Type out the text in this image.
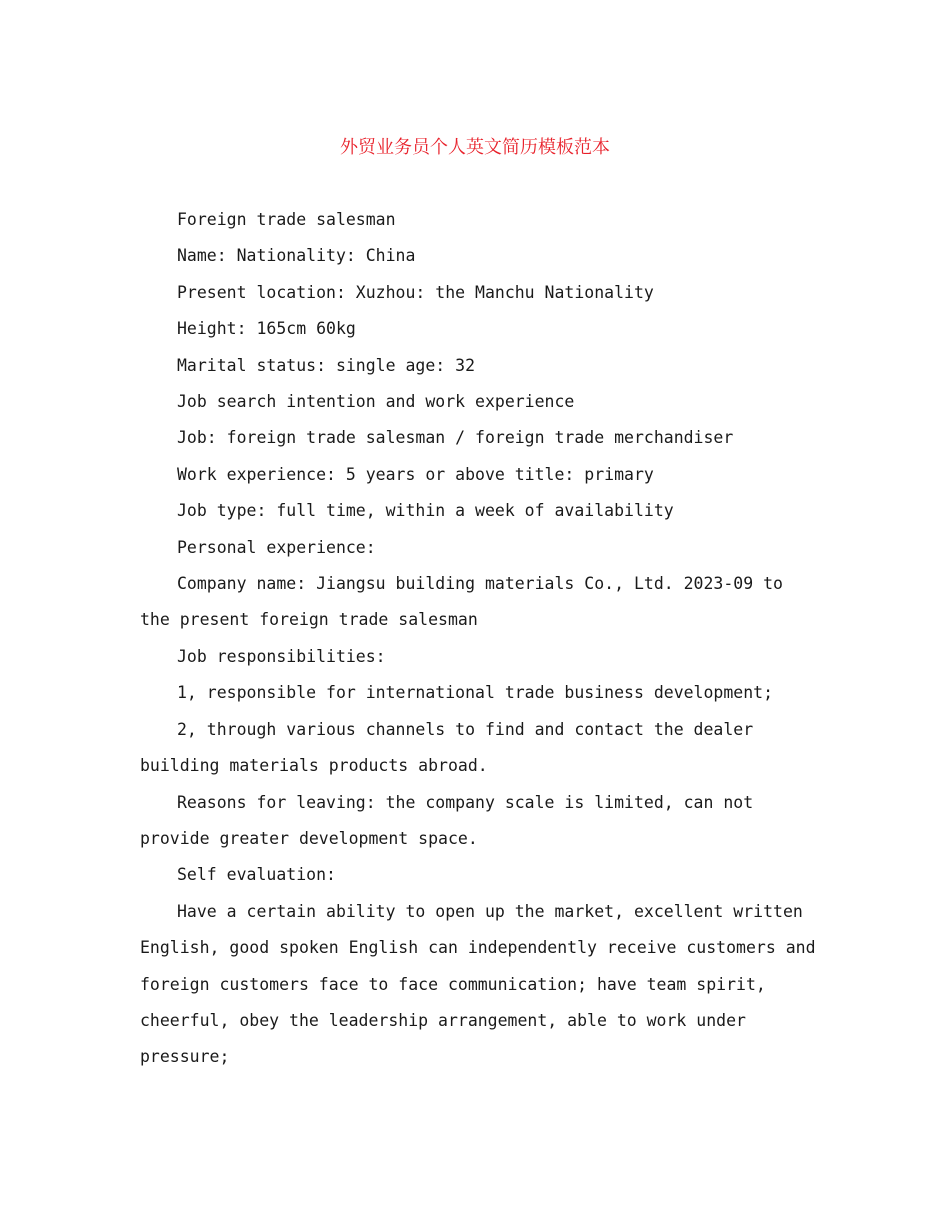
外贸业务员个人英文简历模板范本

Foreign trade salesman

Name: Nationality: China

Present location: Xuzhou: the Manchu Nationality

Height: 165cm 60kg

Marital status: single age: 32

Job search intention and work experience

Job: foreign trade salesman / foreign trade merchandiser

Work experience: 5 years or above title: primary

Job type: full time, within a week of availability

Personal experience:

Company name: Jiangsu building materials Co., Ltd. 2023-09 to the present foreign trade salesman

Job responsibilities:

1, responsible for international trade business development;

2, through various channels to find and contact the dealer building materials products abroad.

Reasons for leaving: the company scale is limited, can not provide greater development space.

Self evaluation:

Have a certain ability to open up the market, excellent written English, good spoken English can independently receive customers and foreign customers face to face communication; have team spirit, cheerful, obey the leadership arrangement, able to work under pressure;
